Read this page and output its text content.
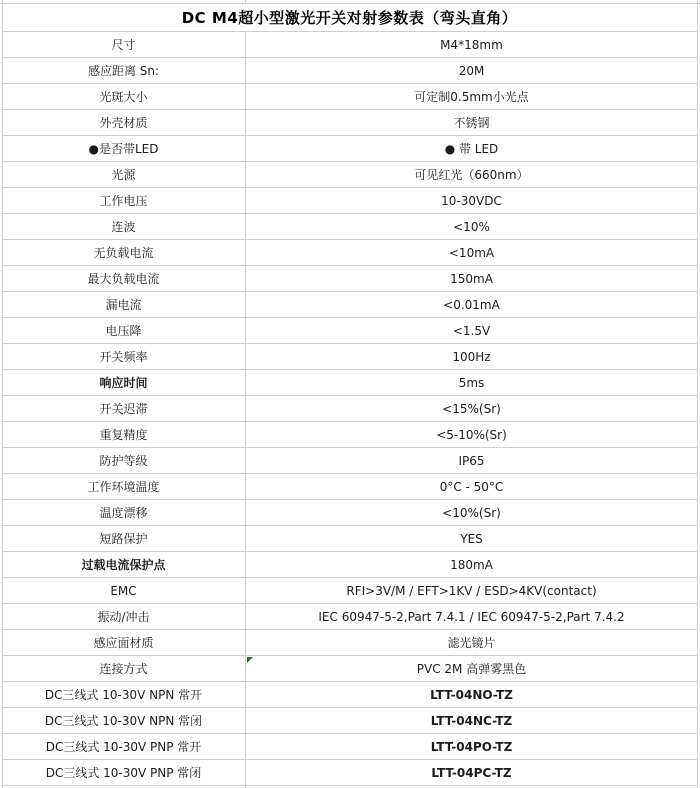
DC M4超小型激光开关对射参数表（弯头直角）
尺寸	M4*18mm
感应距离 Sn:	20M
光斑大小	可定制0.5mm小光点
外壳材质	不锈钢
●是否带LED	● 带 LED
光源	可见红光（660nm）
工作电压	10-30VDC
连波	<10%
无负载电流	<10mA
最大负载电流	150mA
漏电流	<0.01mA
电压降	<1.5V
开关频率	100Hz
响应时间	5ms
开关迟滞	<15%(Sr)
重复精度	<5-10%(Sr)
防护等级	IP65
工作环境温度	0°C - 50°C
温度漂移	<10%(Sr)
短路保护	YES
过载电流保护点	180mA
EMC	RFI>3V/M / EFT>1KV / ESD>4KV(contact)
振动/冲击	IEC 60947-5-2,Part 7.4.1 / IEC 60947-5-2,Part 7.4.2
感应面材质	滤光镜片
连接方式	PVC 2M 高弹雾黑色
DC三线式 10-30V NPN 常开	LTT-04NO-TZ
DC三线式 10-30V NPN 常闭	LTT-04NC-TZ
DC三线式 10-30V PNP 常开	LTT-04PO-TZ
DC三线式 10-30V PNP 常闭	LTT-04PC-TZ
